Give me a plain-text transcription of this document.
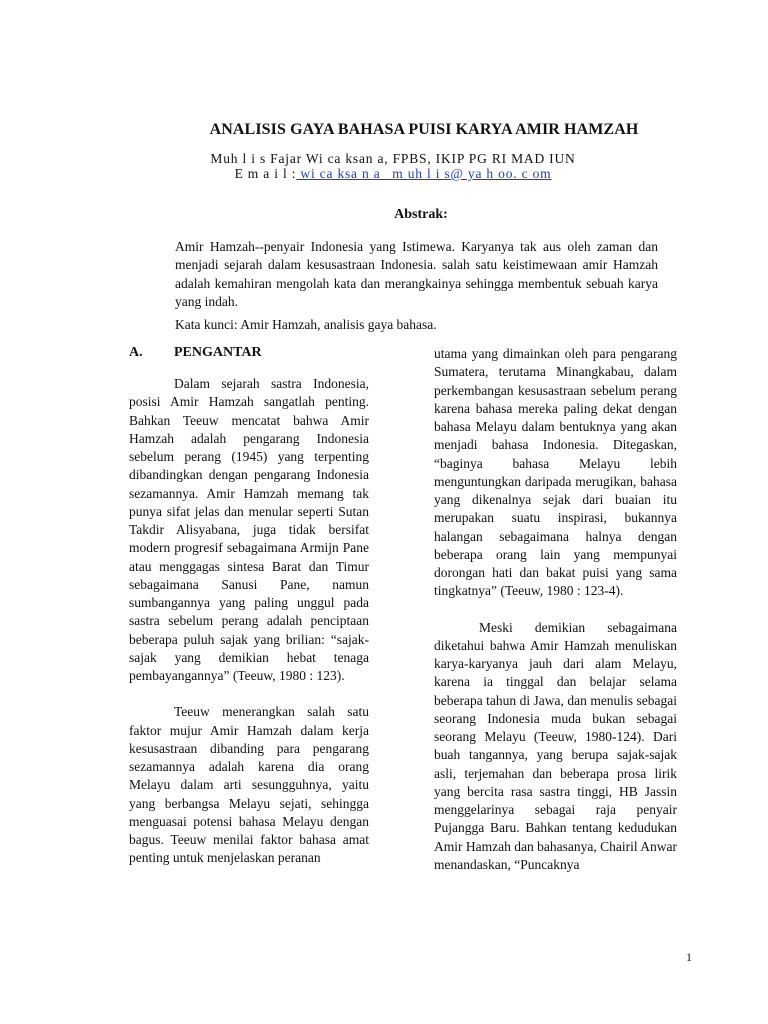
ANALISIS GAYA BAHASA PUISI KARYA AMIR HAMZAH
Muh l i s Fajar Wi ca ksan a, FPBS, IKIP PG RI MAD IUN
E m a i l : wi ca ksa n a _m uh l i s@ ya h oo. c om
Abstrak:
Amir Hamzah--penyair Indonesia yang Istimewa. Karyanya tak aus oleh zaman dan menjadi sejarah dalam kesusastraan Indonesia. salah satu keistimewaan amir Hamzah adalah kemahiran mengolah kata dan merangkainya sehingga membentuk sebuah karya yang indah.
Kata kunci: Amir Hamzah, analisis gaya bahasa.
A. PENGANTAR

Dalam sejarah sastra Indonesia, posisi Amir Hamzah sangatlah penting. Bahkan Teeuw mencatat bahwa Amir Hamzah adalah pengarang Indonesia sebelum perang (1945) yang terpenting dibandingkan dengan pengarang Indonesia sezamannya. Amir Hamzah memang tak punya sifat jelas dan menular seperti Sutan Takdir Alisyabana, juga tidak bersifat modern progresif sebagaimana Armijn Pane atau menggagas sintesa Barat dan Timur sebagaimana Sanusi Pane, namun sumbangannya yang paling unggul pada sastra sebelum perang adalah penciptaan beberapa puluh sajak yang brilian: “sajak-sajak yang demikian hebat tenaga pembayangannya” (Teeuw, 1980 : 123).

Teeuw menerangkan salah satu faktor mujur Amir Hamzah dalam kerja kesusastraan dibanding para pengarang sezamannya adalah karena dia orang Melayu dalam arti sesungguhnya, yaitu yang berbangsa Melayu sejati, sehingga menguasai potensi bahasa Melayu dengan bagus. Teeuw menilai faktor bahasa amat penting untuk menjelaskan peranan

utama yang dimainkan oleh para pengarang Sumatera, terutama Minangkabau, dalam perkembangan kesusastraan sebelum perang karena bahasa mereka paling dekat dengan bahasa Melayu dalam bentuknya yang akan menjadi bahasa Indonesia. Ditegaskan, “baginya bahasa Melayu lebih menguntungkan daripada merugikan, bahasa yang dikenalnya sejak dari buaian itu merupakan suatu inspirasi, bukannya halangan sebagaimana halnya dengan beberapa orang lain yang mempunyai dorongan hati dan bakat puisi yang sama tingkatnya” (Teeuw, 1980 : 123-4).

Meski demikian sebagaimana diketahui bahwa Amir Hamzah menuliskan karya-karyanya jauh dari alam Melayu, karena ia tinggal dan belajar selama beberapa tahun di Jawa, dan menulis sebagai seorang Indonesia muda bukan sebagai seorang Melayu (Teeuw, 1980-124). Dari buah tangannya, yang berupa sajak-sajak asli, terjemahan dan beberapa prosa lirik yang bercita rasa sastra tinggi, HB Jassin menggelarinya sebagai raja penyair Pujangga Baru. Bahkan tentang kedudukan Amir Hamzah dan bahasanya, Chairil Anwar menandaskan, “Puncaknya

1
